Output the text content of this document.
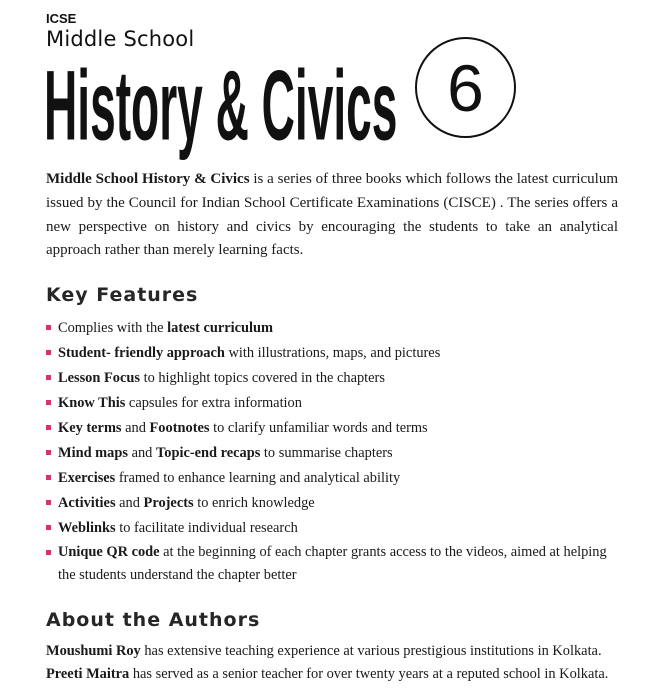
ICSE
Middle School
History & Civics 6

Middle School History & Civics is a series of three books which follows the latest curriculum issued by the Council for Indian School Certificate Examinations (CISCE) . The series offers a new perspective on history and civics by encouraging the students to take an analytical approach rather than merely learning facts.

Key Features
Complies with the latest curriculum
Student- friendly approach with illustrations, maps, and pictures
Lesson Focus to highlight topics covered in the chapters
Know This capsules for extra information
Key terms and Footnotes to clarify unfamiliar words and terms
Mind maps and Topic-end recaps to summarise chapters
Exercises framed to enhance learning and analytical ability
Activities and Projects to enrich knowledge
Weblinks to facilitate individual research
Unique QR code at the beginning of each chapter grants access to the videos, aimed at helping the students understand the chapter better
About the Authors
Moushumi Roy has extensive teaching experience at various prestigious institutions in Kolkata.
Preeti Maitra has served as a senior teacher for over twenty years at a reputed school in Kolkata.
